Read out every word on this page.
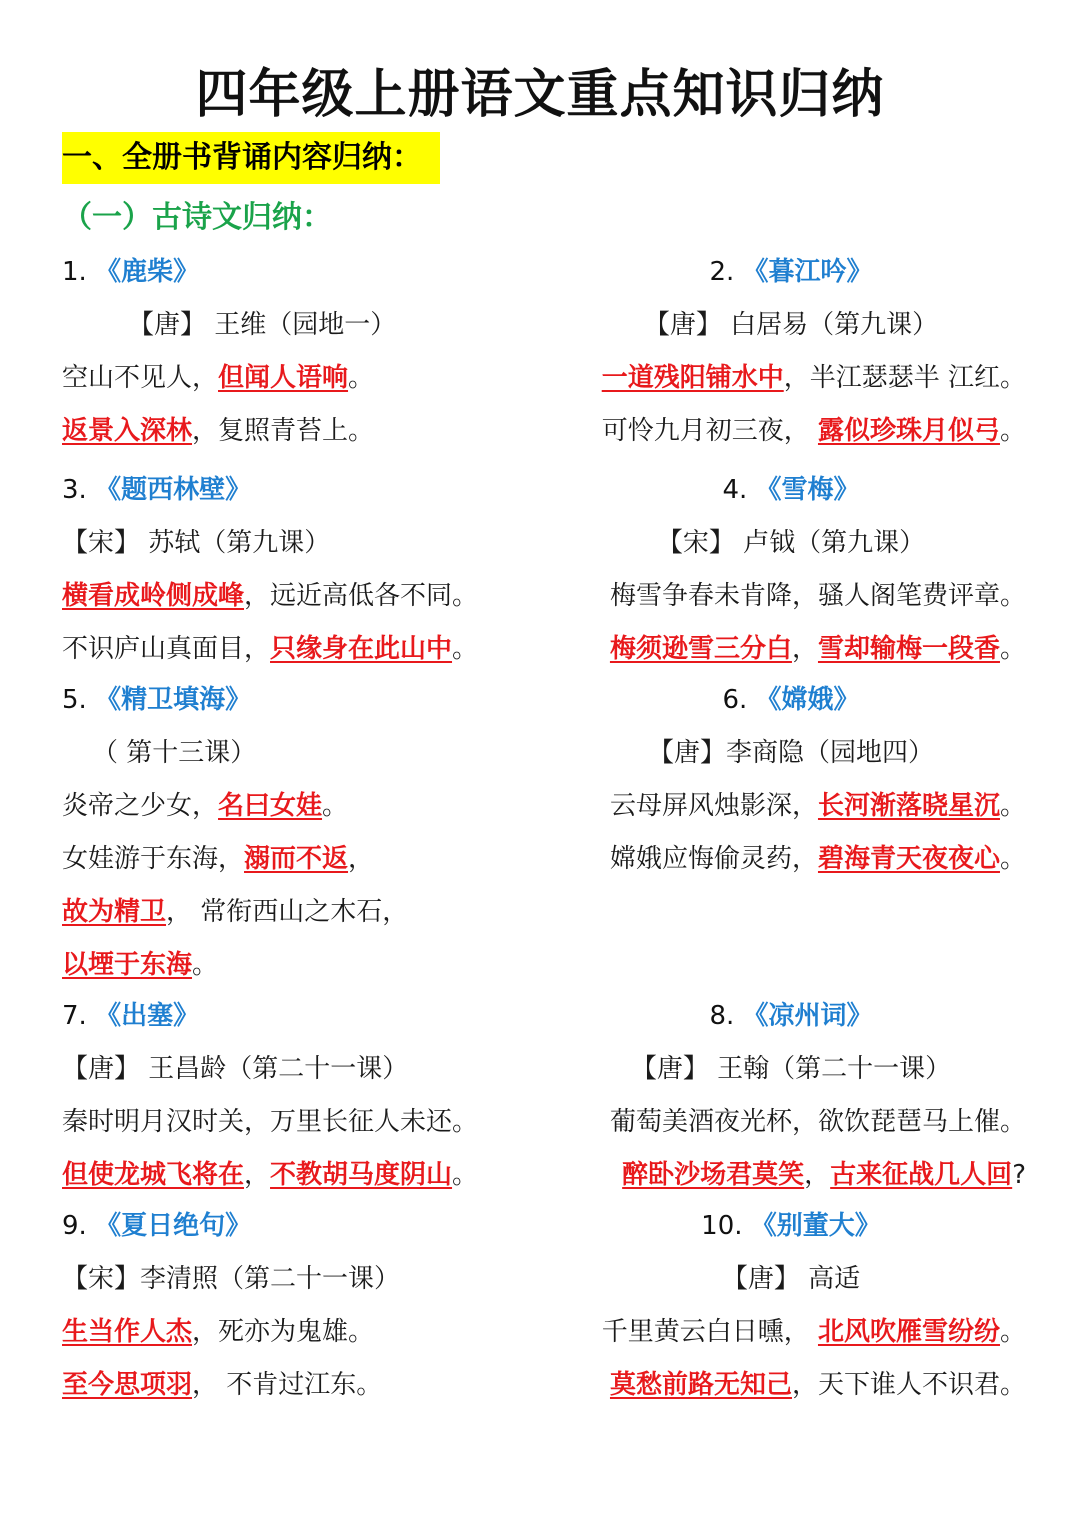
四年级上册语文重点知识归纳
一、全册书背诵内容归纳：
（一）古诗文归纳：
1. 《鹿柴》
【唐】 王维（园地一）
空山不见人，但闻人语响。
返景入深林，复照青苔上。
2. 《暮江吟》
【唐】 白居易（第九课）
一道残阳铺水中，半江瑟瑟半 江红。
可怜九月初三夜， 露似珍珠月似弓。
3. 《题西林壁》
【宋】 苏轼（第九课）
横看成岭侧成峰，远近高低各不同。
不识庐山真面目，只缘身在此山中。
4. 《雪梅》
【宋】 卢钺（第九课）
梅雪争春未肯降，骚人阁笔费评章。
梅须逊雪三分白，雪却输梅一段香。
5. 《精卫填海》
（ 第十三课）
炎帝之少女，名曰女娃。
女娃游于东海，溺而不返，
故为精卫， 常衔西山之木石，
以堙于东海。
6. 《嫦娥》
【唐】李商隐（园地四）
云母屏风烛影深，长河渐落晓星沉。
嫦娥应悔偷灵药，碧海青天夜夜心。
7. 《出塞》
【唐】 王昌龄（第二十一课）
秦时明月汉时关，万里长征人未还。
但使龙城飞将在，不教胡马度阴山。
8. 《凉州词》
【唐】 王翰（第二十一课）
葡萄美酒夜光杯，欲饮琵琶马上催。
醉卧沙场君莫笑，古来征战几人回?
9. 《夏日绝句》
【宋】李清照（第二十一课）
生当作人杰，死亦为鬼雄。
至今思项羽， 不肯过江东。
10. 《别董大》
【唐】 高适
千里黄云白日曛， 北风吹雁雪纷纷。
莫愁前路无知己，天下谁人不识君。
